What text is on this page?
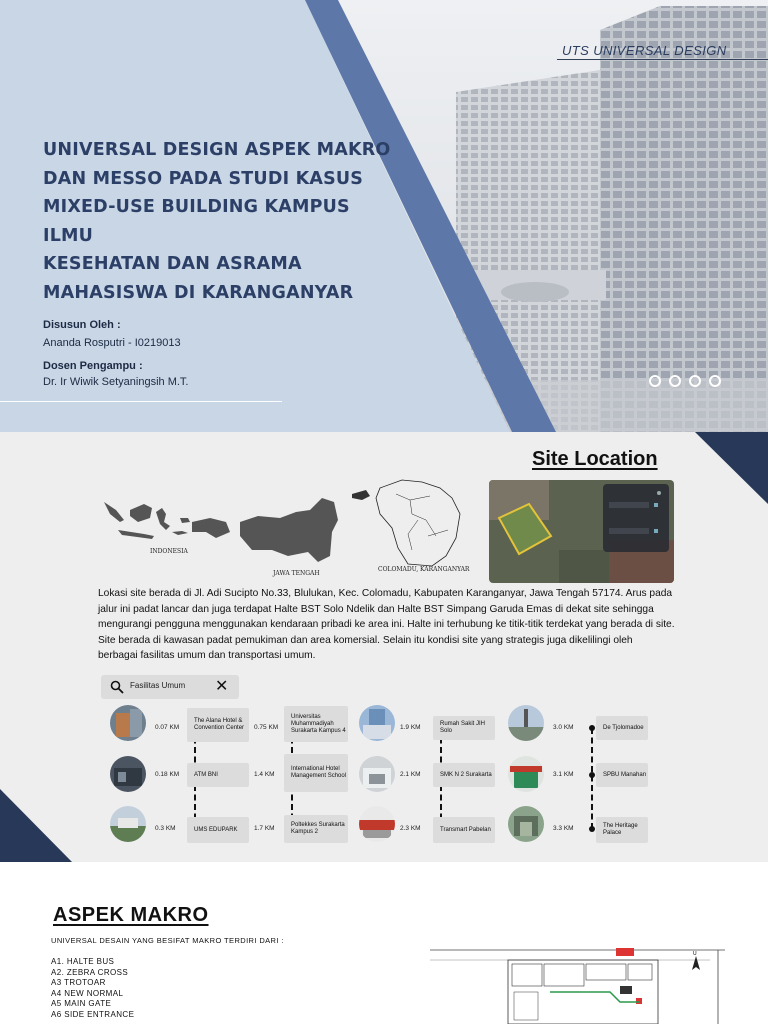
UTS UNIVERSAL DESIGN
UNIVERSAL DESIGN ASPEK MAKRO
DAN MESSO PADA STUDI KASUS
MIXED-USE BUILDING KAMPUS ILMU
KESEHATAN DAN ASRAMA
MAHASISWA DI KARANGANYAR
Disusun Oleh :
Ananda Rosputri - I0219013
Dosen Pengampu :
Dr. Ir Wiwik Setyaningsih M.T.
Site Location
INDONESIA
JAWA TENGAH
COLOMADU, KARANGANYAR
Lokasi site berada di Jl. Adi Sucipto No.33, Blulukan, Kec. Colomadu, Kabupaten Karanganyar, Jawa Tengah 57174. Arus pada jalur ini padat lancar dan juga terdapat Halte BST Solo Ndelik dan Halte BST Simpang Garuda Emas di dekat site sehingga mengurangi pengguna menggunakan kendaraan pribadi ke area ini. Halte ini terhubung ke titik-titik terdekat yang berada di site. Site berada di kawasan padat pemukiman dan area komersial. Selain itu kondisi site yang strategis juga dikelilingi oleh berbagai fasilitas umum dan transportasi umum.
Fasilitas Umum ✕
0.07 KM
0.18 KM
0.3 KM
The Alana Hotel & Convention Center
ATM BNI
UMS EDUPARK
0.75 KM
1.4 KM
1.7 KM
Universitas Muhammadiyah Surakarta Kampus 4
International Hotel Management School
Poltekkes Surakarta Kampus 2
1.9 KM
2.1 KM
2.3 KM
Rumah Sakit JIH Solo
SMK N 2 Surakarta
Transmart Pabelan
3.0 KM
3.1 KM
3.3 KM
De Tjolomadoe
SPBU Manahan
The Heritage Palace
ASPEK MAKRO
UNIVERSAL DESAIN YANG BESIFAT MAKRO TERDIRI DARI :
A1. HALTE BUS
A2. ZEBRA CROSS
A3 TROTOAR
A4 NEW NORMAL
A5 MAIN GATE
A6 SIDE ENTRANCE
U
